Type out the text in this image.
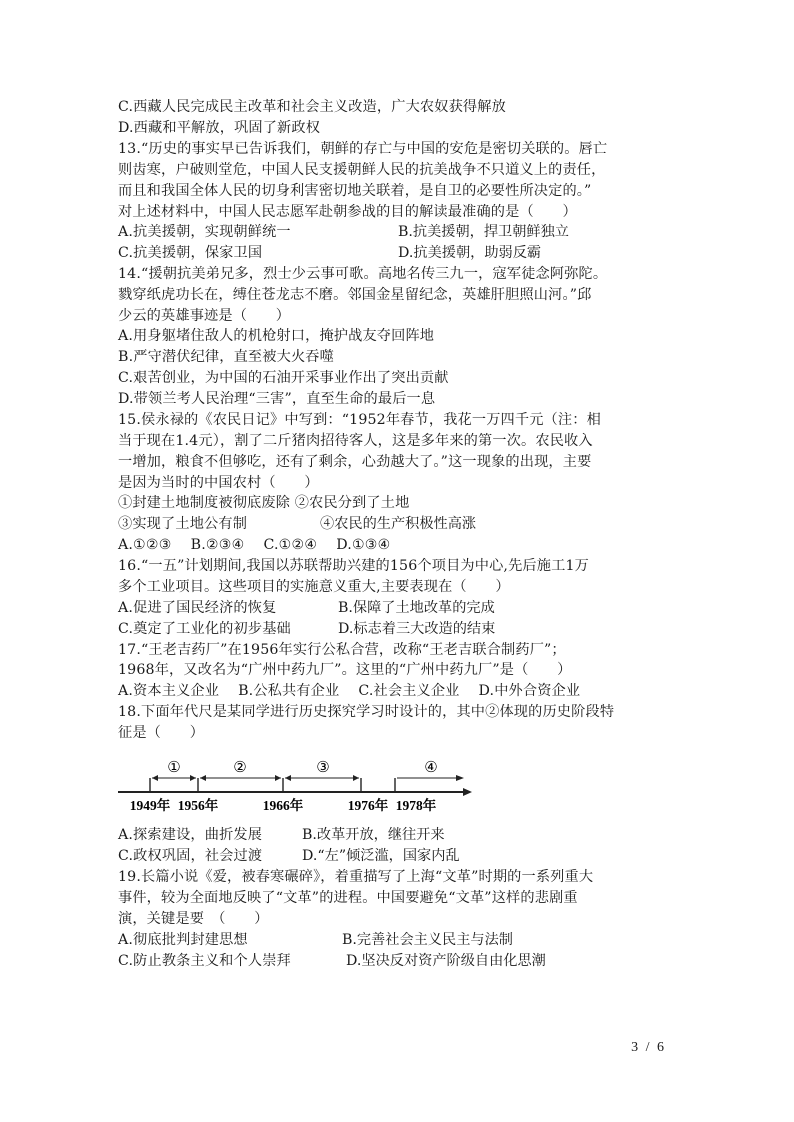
C.西藏人民完成民主改革和社会主义改造，广大农奴获得解放
D.西藏和平解放，巩固了新政权
13.“历史的事实早已告诉我们，朝鲜的存亡与中国的安危是密切关联的。唇亡
则齿寒，户破则堂危，中国人民支援朝鲜人民的抗美战争不只道义上的责任，
而且和我国全体人民的切身利害密切地关联着，是自卫的必要性所决定的。”
对上述材料中，中国人民志愿军赴朝参战的目的解读最准确的是（　　）
A.抗美援朝，实现朝鲜统一	B.抗美援朝，捍卫朝鲜独立
C.抗美援朝，保家卫国	D.抗美援朝，助弱反霸
14.“援朝抗美弟兄多，烈士少云事可歌。高地名传三九一，寇军徒念阿弥陀。
戮穿纸虎功长在，缚住苍龙志不磨。邻国金星留纪念，英雄肝胆照山河。”邱
少云的英雄事迹是（　　）
A.用身躯堵住敌人的机枪射口，掩护战友夺回阵地
B.严守潜伏纪律，直至被大火吞噬
C.艰苦创业，为中国的石油开采事业作出了突出贡献
D.带领兰考人民治理“三害”，直至生命的最后一息
15.侯永禄的《农民日记》中写到：“1952年春节，我花一万四千元（注：相
当于现在1.4元），割了二斤猪肉招待客人，这是多年来的第一次。农民收入
一增加，粮食不但够吃，还有了剩余，心劲越大了。”这一现象的出现，主要
是因为当时的中国农村（　　）
①封建土地制度被彻底废除 ②农民分到了土地
③实现了土地公有制	④农民的生产积极性高涨
A.①②③　 B.②③④　 C.①②④　 D.①③④
16.“一五”计划期间,我国以苏联帮助兴建的156个项目为中心,先后施工1万
多个工业项目。这些项目的实施意义重大,主要表现在（　　）
A.促进了国民经济的恢复	B.保障了土地改革的完成
C.奠定了工业化的初步基础	D.标志着三大改造的结束
17.“王老吉药厂”在1956年实行公私合营，改称“王老吉联合制药厂”；
1968年，又改名为“广州中药九厂”。这里的“广州中药九厂”是（　　）
A.资本主义企业　 B.公私共有企业　 C.社会主义企业　 D.中外合资企业
18.下面年代尺是某同学进行历史探究学习时设计的，其中②体现的历史阶段特
征是（　　）
①	②	③	④
1949年 1956年	1966年	1976年 1978年
A.探索建设，曲折发展	B.改革开放，继往开来
C.政权巩固，社会过渡	D.“左”倾泛滥，国家内乱
19.长篇小说《爱，被春寒碾碎》，着重描写了上海“文革”时期的一系列重大
事件，较为全面地反映了“文革”的进程。中国要避免“文革”这样的悲剧重
演，关键是要　（　　）
A.彻底批判封建思想	B.完善社会主义民主与法制
C.防止教条主义和个人崇拜	D.坚决反对资产阶级自由化思潮
3 / 6
